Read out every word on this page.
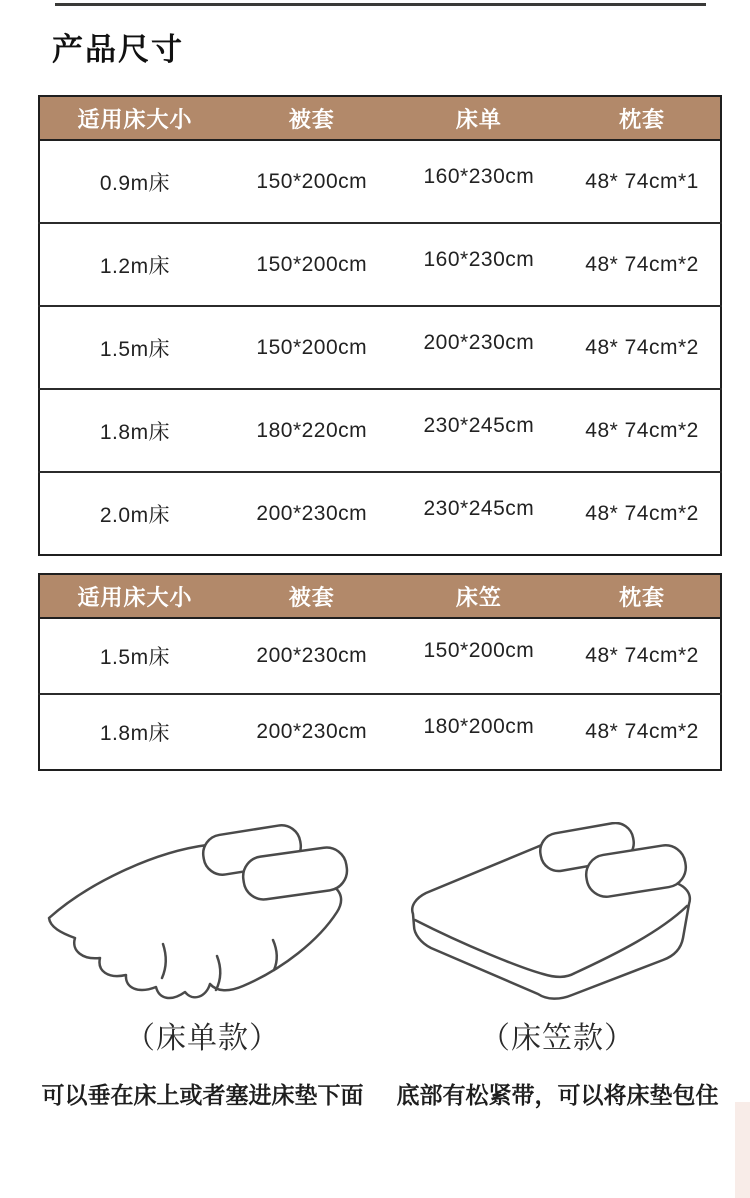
产品尺寸
适用床大小	被套	床单	枕套
0.9m床	150*200cm	160*230cm	48* 74cm*1
1.2m床	150*200cm	160*230cm	48* 74cm*2
1.5m床	150*200cm	200*230cm	48* 74cm*2
1.8m床	180*220cm	230*245cm	48* 74cm*2
2.0m床	200*230cm	230*245cm	48* 74cm*2
适用床大小	被套	床笠	枕套
1.5m床	200*230cm	150*200cm	48* 74cm*2
1.8m床	200*230cm	180*200cm	48* 74cm*2
（床单款）
可以垂在床上或者塞进床垫下面
（床笠款）
底部有松紧带，可以将床垫包住
